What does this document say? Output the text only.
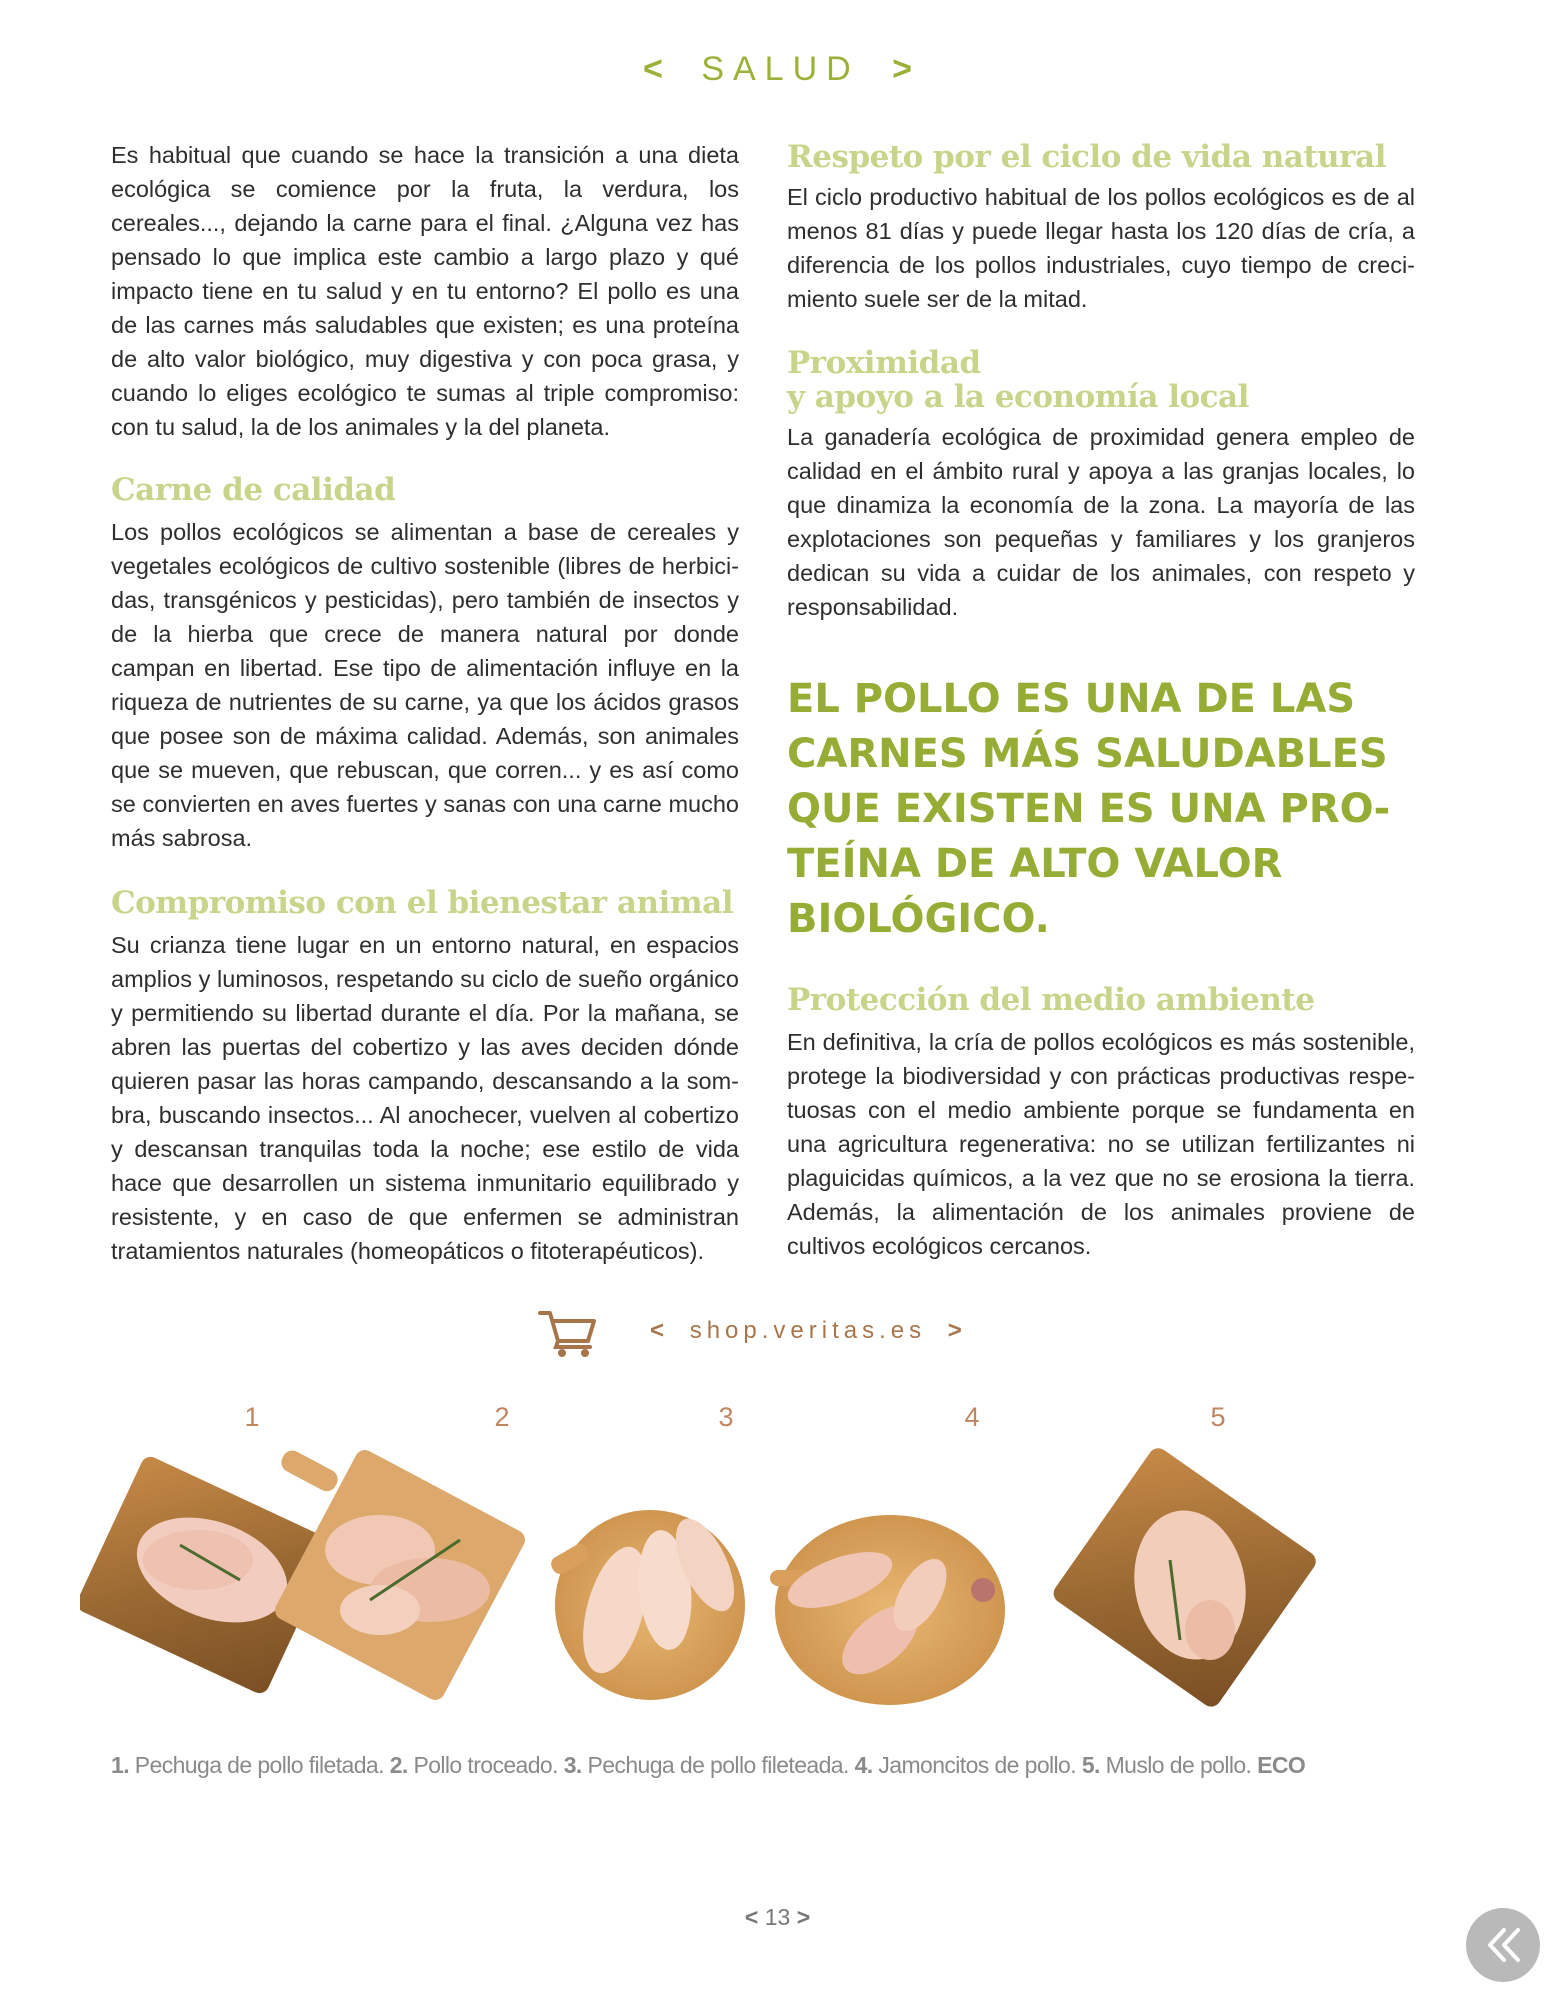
< SALUD >

Es habitual que cuando se hace la transición a una dieta ecológica se comience por la fruta, la verdura, los cereales..., dejando la carne para el final. ¿Alguna vez has pensado lo que implica este cambio a largo plazo y qué impacto tiene en tu salud y en tu entorno? El pollo es una de las carnes más saludables que existen; es una proteína de alto valor biológico, muy digestiva y con poca grasa, y cuando lo eliges ecológico te sumas al triple compromiso: con tu salud, la de los animales y la del planeta.

Carne de calidad

Los pollos ecológicos se alimentan a base de cereales y vegetales ecológicos de cultivo sostenible (libres de herbicidas, transgénicos y pesticidas), pero también de insectos y de la hierba que crece de manera natural por donde campan en libertad. Ese tipo de alimentación influye en la riqueza de nutrientes de su carne, ya que los ácidos grasos que posee son de máxima calidad. Además, son animales que se mueven, que rebuscan, que corren... y es así como se convierten en aves fuertes y sanas con una carne mucho más sabrosa.

Compromiso con el bienestar animal

Su crianza tiene lugar en un entorno natural, en espacios amplios y luminosos, respetando su ciclo de sueño orgánico y permitiendo su libertad durante el día. Por la mañana, se abren las puertas del cobertizo y las aves deciden dónde quieren pasar las horas campando, descansando a la sombra, buscando insectos... Al anochecer, vuelven al cobertizo y descansan tranquilas toda la noche; ese estilo de vida hace que desarrollen un sistema inmunitario equilibrado y resistente, y en caso de que enfermen se administran tratamientos naturales (homeopáticos o fitoterapéuticos).

Respeto por el ciclo de vida natural

El ciclo productivo habitual de los pollos ecológicos es de al menos 81 días y puede llegar hasta los 120 días de cría, a diferencia de los pollos industriales, cuyo tiempo de crecimiento suele ser de la mitad.

Proximidad
y apoyo a la economía local

La ganadería ecológica de proximidad genera empleo de calidad en el ámbito rural y apoya a las granjas locales, lo que dinamiza la economía de la zona. La mayoría de las explotaciones son pequeñas y familiares y los granjeros dedican su vida a cuidar de los animales, con respeto y responsabilidad.

EL POLLO ES UNA DE LAS CARNES MÁS SALUDABLES QUE EXISTEN ES UNA PROTEÍNA DE ALTO VALOR BIOLÓGICO.

Protección del medio ambiente

En definitiva, la cría de pollos ecológicos es más sostenible, protege la biodiversidad y con prácticas productivas respetuosas con el medio ambiente porque se fundamenta en una agricultura regenerativa: no se utilizan fertilizantes ni plaguicidas químicos, a la vez que no se erosiona la tierra. Además, la alimentación de los animales proviene de cultivos ecológicos cercanos.

< shop.veritas.es >
1	2	3	4	5
1. Pechuga de pollo filetada. 2. Pollo troceado. 3. Pechuga de pollo fileteada. 4. Jamoncitos de pollo. 5. Muslo de pollo. ECO
< 13 >
